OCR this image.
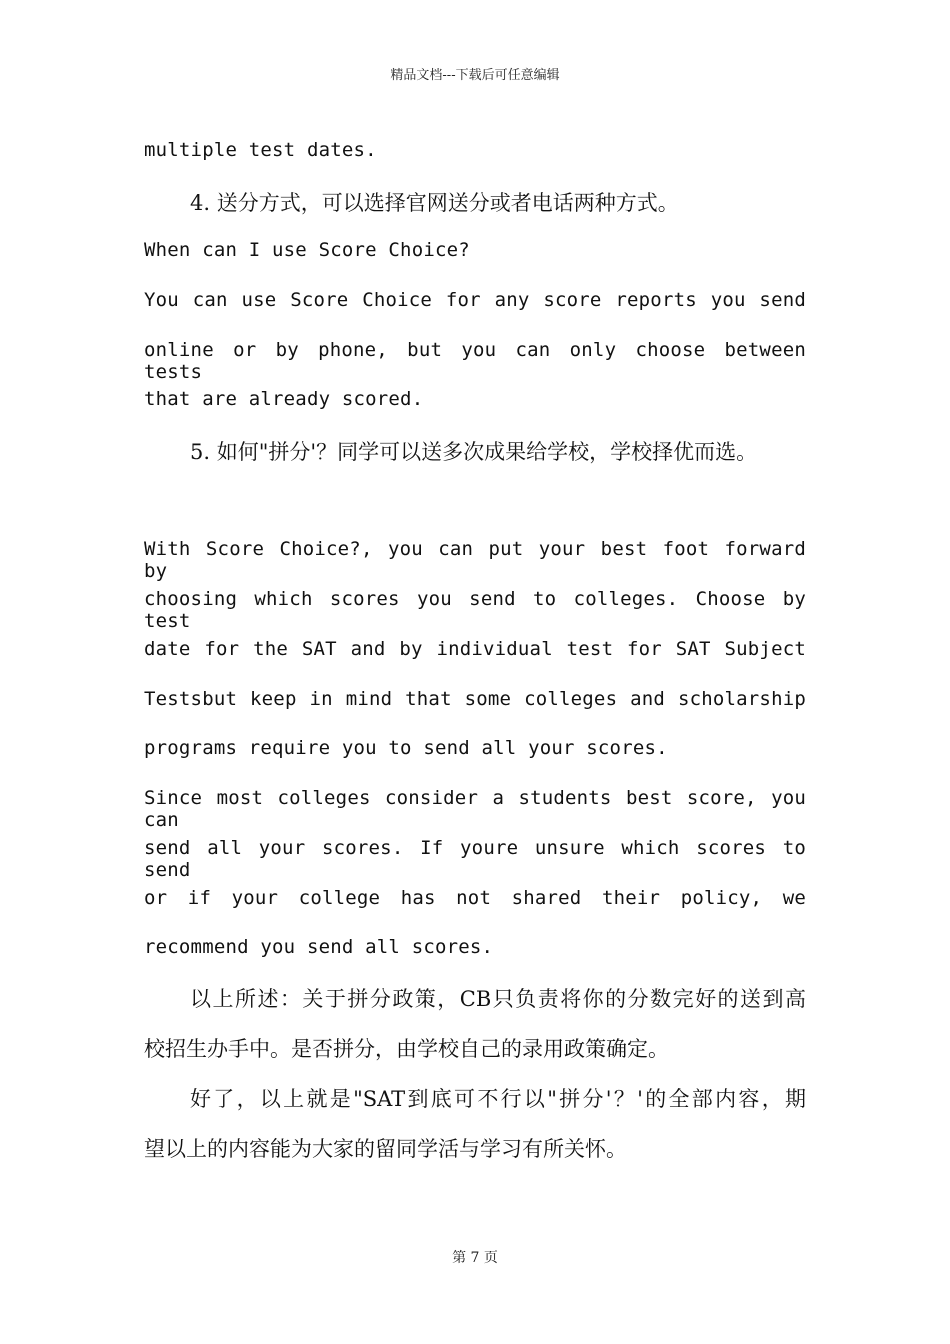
精品文档---下载后可任意编辑

multiple test dates.

4. 送分方式，可以选择官网送分或者电话两种方式。

When can I use Score Choice?

You can use Score Choice for any score reports you send

online or by phone, but you can only choose between tests

that are already scored.

5. 如何"拼分'？同学可以送多次成果给学校，学校择优而选。

With Score Choice?, you can put your best foot forward by

choosing which scores you send to colleges. Choose by test

date for the SAT and by individual test for SAT Subject

Testsbut keep in mind that some colleges and scholarship

programs require you to send all your scores.

Since most colleges consider a students best score, you can

send all your scores. If youre unsure which scores to send

or if your college has not shared their policy, we

recommend you send all scores.

以上所述：关于拼分政策，CB只负责将你的分数完好的送到高

校招生办手中。是否拼分，由学校自己的录用政策确定。

好了，以上就是"SAT到底可不行以"拼分'？'的全部内容，期

望以上的内容能为大家的留同学活与学习有所关怀。

第 7 页
